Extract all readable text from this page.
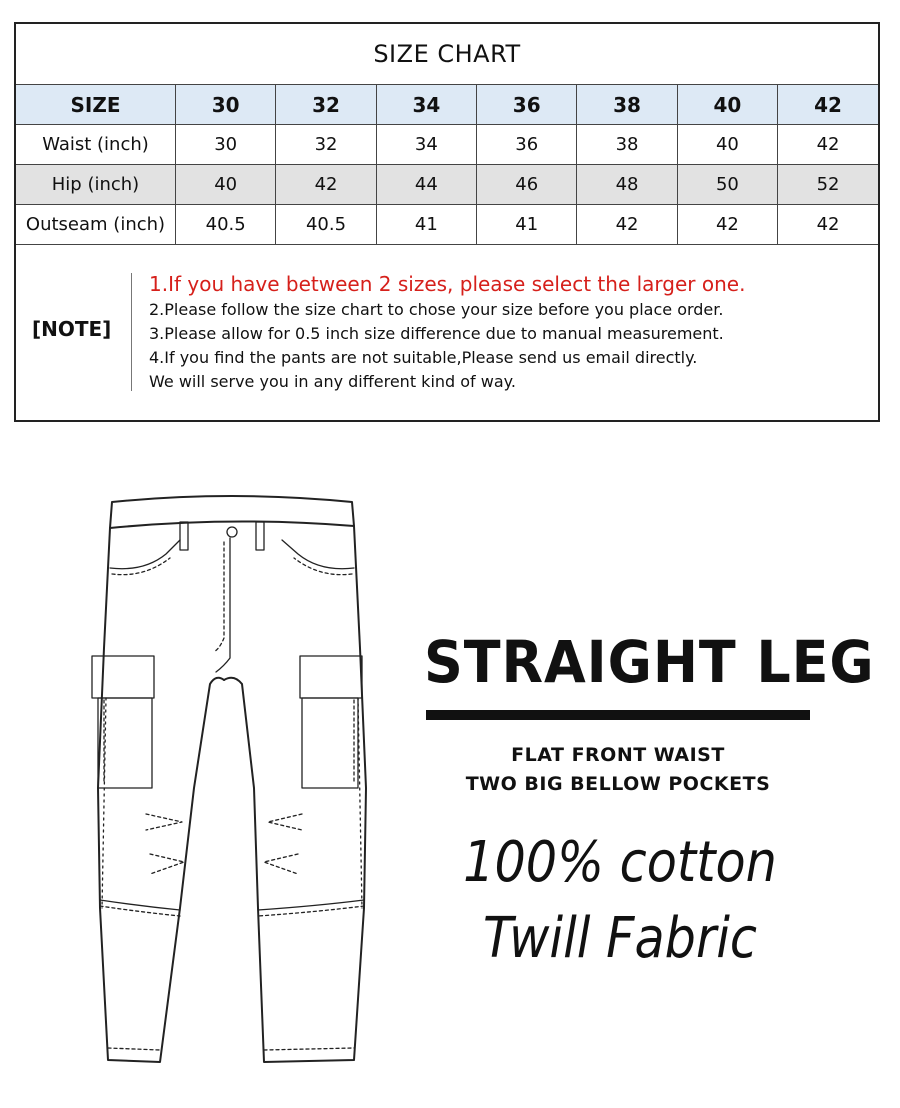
SIZE CHART
SIZE	30	32	34	36	38	40	42
Waist (inch)	30	32	34	36	38	40	42
Hip (inch)	40	42	44	46	48	50	52
Outseam (inch)	40.5	40.5	41	41	42	42	42
[NOTE]
1.If you have between 2 sizes, please select the larger one.
2.Please follow the size chart to chose your size before you place order.
3.Please allow for 0.5 inch size difference due to manual measurement.
4.If you find the pants are not suitable,Please send us email directly.
We will serve you in any different kind of way.
STRAIGHT LEG
FLAT FRONT WAIST
TWO BIG BELLOW POCKETS
100% cotton
Twill Fabric
